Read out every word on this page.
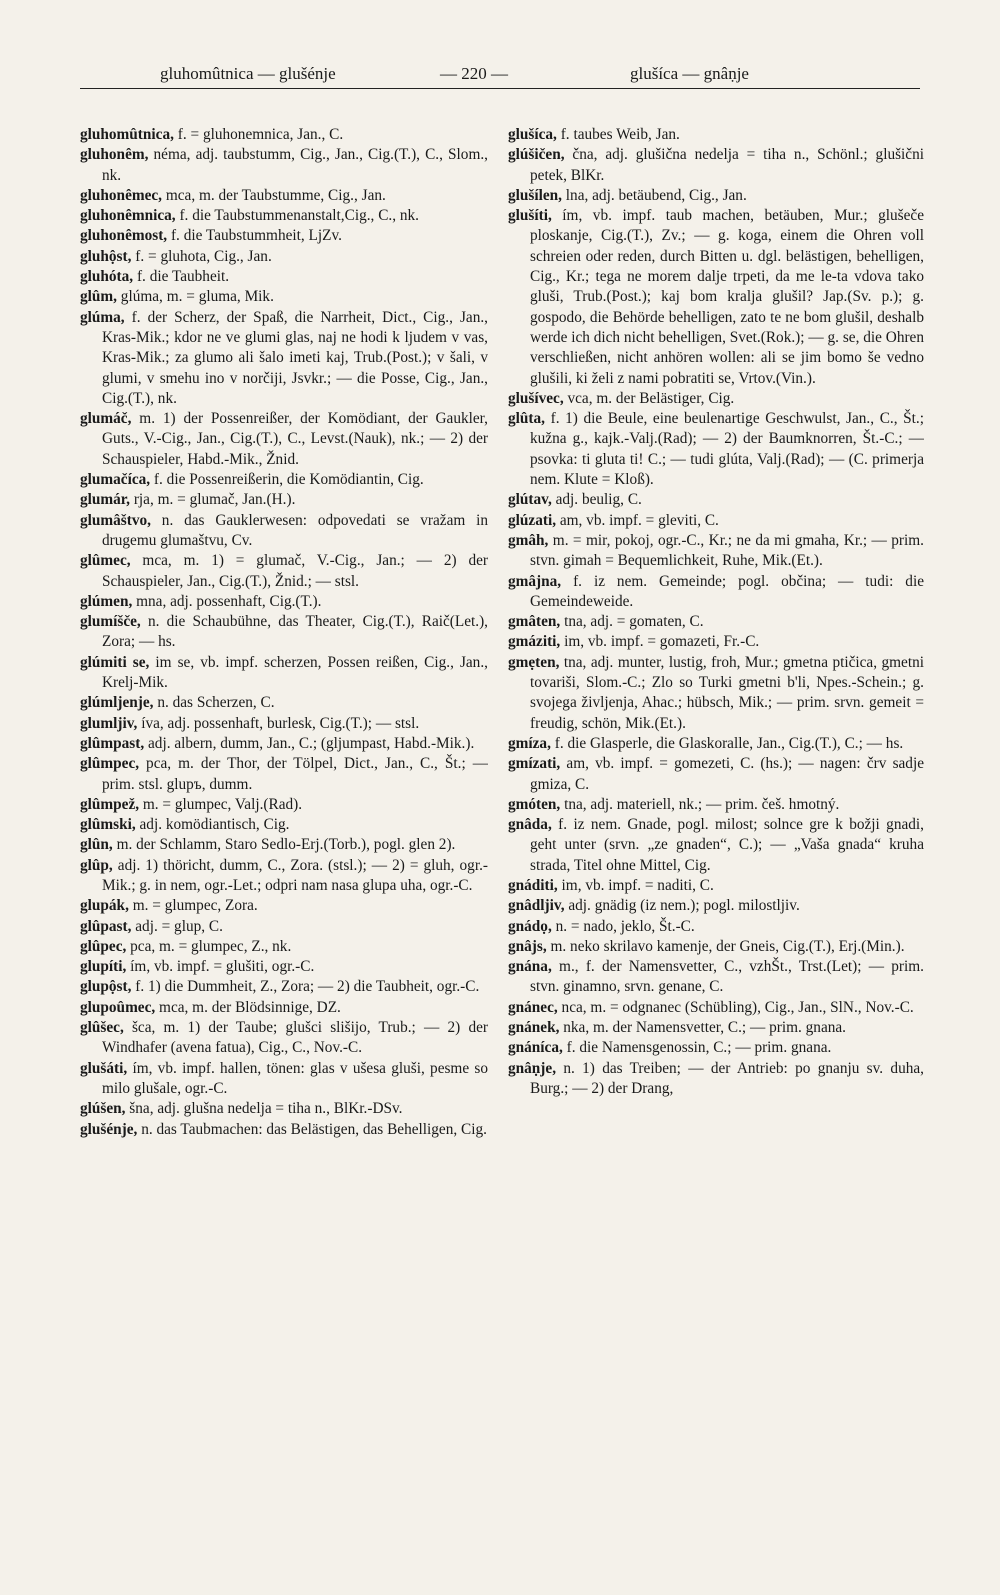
gluhomûtnica — glušénje	— 220 —	glušíca — gnâṇje

gluhomûtnica, f. = gluhonemnica, Jan., C.

gluhonêm, néma, adj. taubstumm, Cig., Jan., Cig.(T.), C., Slom., nk.

gluhonêmec, mca, m. der Taubstumme, Cig., Jan.

gluhonêmnica, f. die Taubstummenanstalt,Cig., C., nk.

gluhonêmost, f. die Taubstummheit, LjZv.

gluhộst, f. = gluhota, Cig., Jan.

gluhóta, f. die Taubheit.

glûm, glúma, m. = gluma, Mik.

glúma, f. der Scherz, der Spaß, die Narrheit, Dict., Cig., Jan., Kras-Mik.; kdor ne ve glumi glas, naj ne hodi k ljudem v vas, Kras-Mik.; za glumo ali šalo imeti kaj, Trub.(Post.); v šali, v glumi, v smehu ino v norčiji, Jsvkr.; — die Posse, Cig., Jan., Cig.(T.), nk.

glumáč, m. 1) der Possenreißer, der Komödiant, der Gaukler, Guts., V.-Cig., Jan., Cig.(T.), C., Levst.(Nauk), nk.; — 2) der Schauspieler, Habd.-Mik., Žnid.

glumačíca, f. die Possenreißerin, die Komödiantin, Cig.

glumár, rja, m. = glumač, Jan.(H.).

glumâštvo, n. das Gauklerwesen: odpovedati se vražam in drugemu glumaštvu, Cv.

glûmec, mca, m. 1) = glumač, V.-Cig., Jan.; — 2) der Schauspieler, Jan., Cig.(T.), Žnid.; — stsl.

glúmen, mna, adj. possenhaft, Cig.(T.).

glumíšče, n. die Schaubühne, das Theater, Cig.(T.), Raič(Let.), Zora; — hs.

glúmiti se, im se, vb. impf. scherzen, Possen reißen, Cig., Jan., Krelj-Mik.

glúmljenje, n. das Scherzen, C.

glumljiv, íva, adj. possenhaft, burlesk, Cig.(T.); — stsl.

glûmpast, adj. albern, dumm, Jan., C.; (gljumpast, Habd.-Mik.).

glûmpec, pca, m. der Thor, der Tölpel, Dict., Jan., C., Št.; — prim. stsl. glupъ, dumm.

glûmpež, m. = glumpec, Valj.(Rad).

glûmski, adj. komödiantisch, Cig.

glûn, m. der Schlamm, Staro Sedlo-Erj.(Torb.), pogl. glen 2).

glûp, adj. 1) thöricht, dumm, C., Zora. (stsl.); — 2) = gluh, ogr.-Mik.; g. in nem, ogr.-Let.; odpri nam nasa glupa uha, ogr.-C.

glupák, m. = glumpec, Zora.

glûpast, adj. = glup, C.

glûpec, pca, m. = glumpec, Z., nk.

glupíti, ím, vb. impf. = glušiti, ogr.-C.

glupộst, f. 1) die Dummheit, Z., Zora; — 2) die Taubheit, ogr.-C.

glupoûmec, mca, m. der Blödsinnige, DZ.

glûšec, šca, m. 1) der Taube; glušci slišijo, Trub.; — 2) der Windhafer (avena fatua), Cig., C., Nov.-C.

glušáti, ím, vb. impf. hallen, tönen: glas v ušesa gluši, pesme so milo glušale, ogr.-C.

glúšen, šna, adj. glušna nedelja = tiha n., BlKr.-DSv.

glušénje, n. das Taubmachen: das Belästigen, das Behelligen, Cig.

glušíca, f. taubes Weib, Jan.

glúšičen, čna, adj. glušična nedelja = tiha n., Schönl.; glušični petek, BlKr.

glušílen, lna, adj. betäubend, Cig., Jan.

glušíti, ím, vb. impf. taub machen, betäuben, Mur.; glušeče ploskanje, Cig.(T.), Zv.; — g. koga, einem die Ohren voll schreien oder reden, durch Bitten u. dgl. belästigen, behelligen, Cig., Kr.; tega ne morem dalje trpeti, da me le-ta vdova tako gluši, Trub.(Post.); kaj bom kralja glušil? Jap.(Sv. p.); g. gospodo, die Behörde behelligen, zato te ne bom glušil, deshalb werde ich dich nicht behelligen, Svet.(Rok.); — g. se, die Ohren verschließen, nicht anhören wollen: ali se jim bomo še vedno glušili, ki želi z nami pobratiti se, Vrtov.(Vin.).

glušívec, vca, m. der Belästiger, Cig.

glûta, f. 1) die Beule, eine beulenartige Geschwulst, Jan., C., Št.; kužna g., kajk.-Valj.(Rad); — 2) der Baumknorren, Št.-C.; — psovka: ti gluta ti! C.; — tudi glúta, Valj.(Rad); — (C. primerja nem. Klute = Kloß).

glútav, adj. beulig, C.

glúzati, am, vb. impf. = gleviti, C.

gmâh, m. = mir, pokoj, ogr.-C., Kr.; ne da mi gmaha, Kr.; — prim. stvn. gimah = Bequemlichkeit, Ruhe, Mik.(Et.).

gmâjna, f. iz nem. Gemeinde; pogl. občina; — tudi: die Gemeindeweide.

gmâten, tna, adj. = gomaten, C.

gmáziti, im, vb. impf. = gomazeti, Fr.-C.

gmẹten, tna, adj. munter, lustig, froh, Mur.; gmetna ptičica, gmetni tovariši, Slom.-C.; Zlo so Turki gmetni b'li, Npes.-Schein.; g. svojega življenja, Ahac.; hübsch, Mik.; — prim. srvn. gemeit = freudig, schön, Mik.(Et.).

gmíza, f. die Glasperle, die Glaskoralle, Jan., Cig.(T.), C.; — hs.

gmízati, am, vb. impf. = gomezeti, C. (hs.); — nagen: črv sadje gmiza, C.

gmóten, tna, adj. materiell, nk.; — prim. češ. hmotný.

gnâda, f. iz nem. Gnade, pogl. milost; solnce gre k božji gnadi, geht unter (srvn. „ze gnaden“, C.); — „Vaša gnada“ kruha strada, Titel ohne Mittel, Cig.

gnáditi, im, vb. impf. = naditi, C.

gnâdljiv, adj. gnädig (iz nem.); pogl. milostljiv.

gnádọ, n. = nado, jeklo, Št.-C.

gnâjs, m. neko skrilavo kamenje, der Gneis, Cig.(T.), Erj.(Min.).

gnána, m., f. der Namensvetter, C., vzhŠt., Trst.(Let); — prim. stvn. ginamno, srvn. genane, C.

gnánec, nca, m. = odgnanec (Schübling), Cig., Jan., SlN., Nov.-C.

gnánek, nka, m. der Namensvetter, C.; — prim. gnana.

gnáníca, f. die Namensgenossin, C.; — prim. gnana.

gnâṇje, n. 1) das Treiben; — der Antrieb: po gnanju sv. duha, Burg.; — 2) der Drang,
